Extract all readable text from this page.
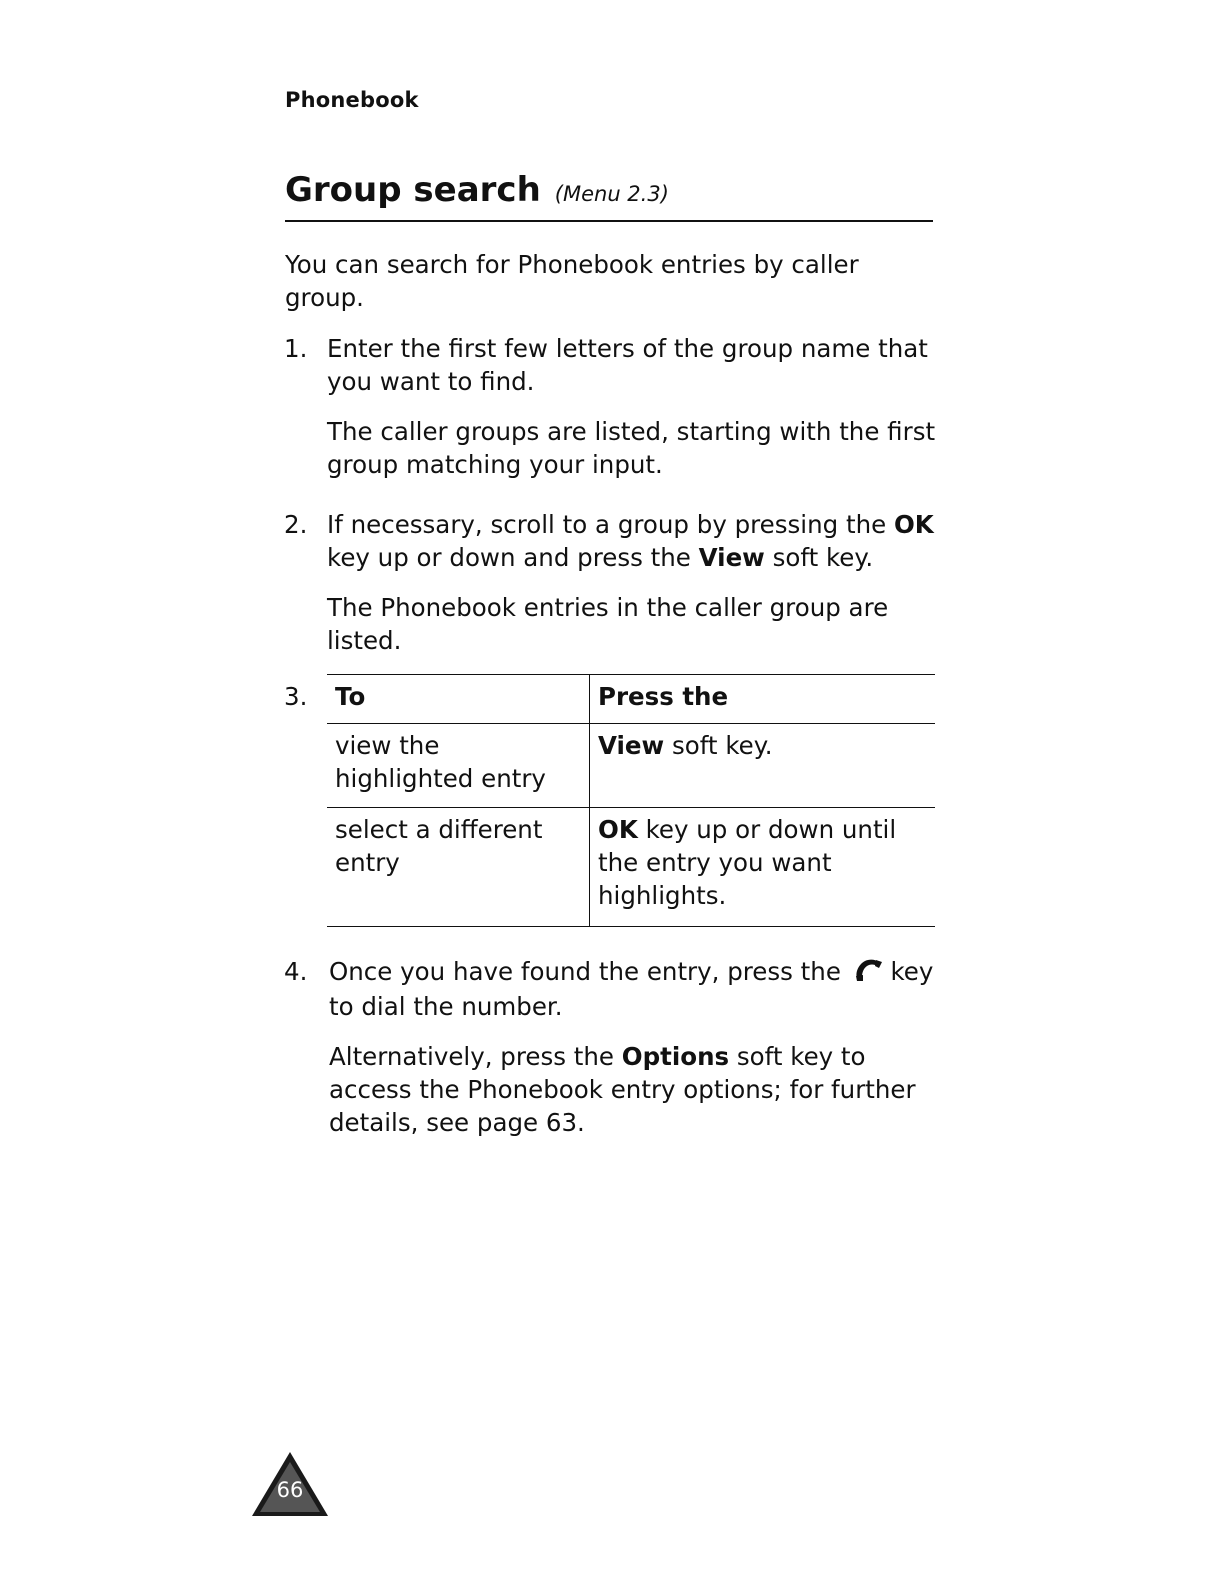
Phonebook
Group search (Menu 2.3)
You can search for Phonebook entries by caller group.
1. Enter the first few letters of the group name that you want to find.

The caller groups are listed, starting with the first group matching your input.

2. If necessary, scroll to a group by pressing the OK key up or down and press the View soft key.

The Phonebook entries in the caller group are listed.

3. To	Press the
view the highlighted entry	View soft key.
select a different entry	OK key up or down until the entry you want highlights.
4. Once you have found the entry, press the  key to dial the number.

Alternatively, press the Options soft key to access the Phonebook entry options; for further details, see page 63.

66
